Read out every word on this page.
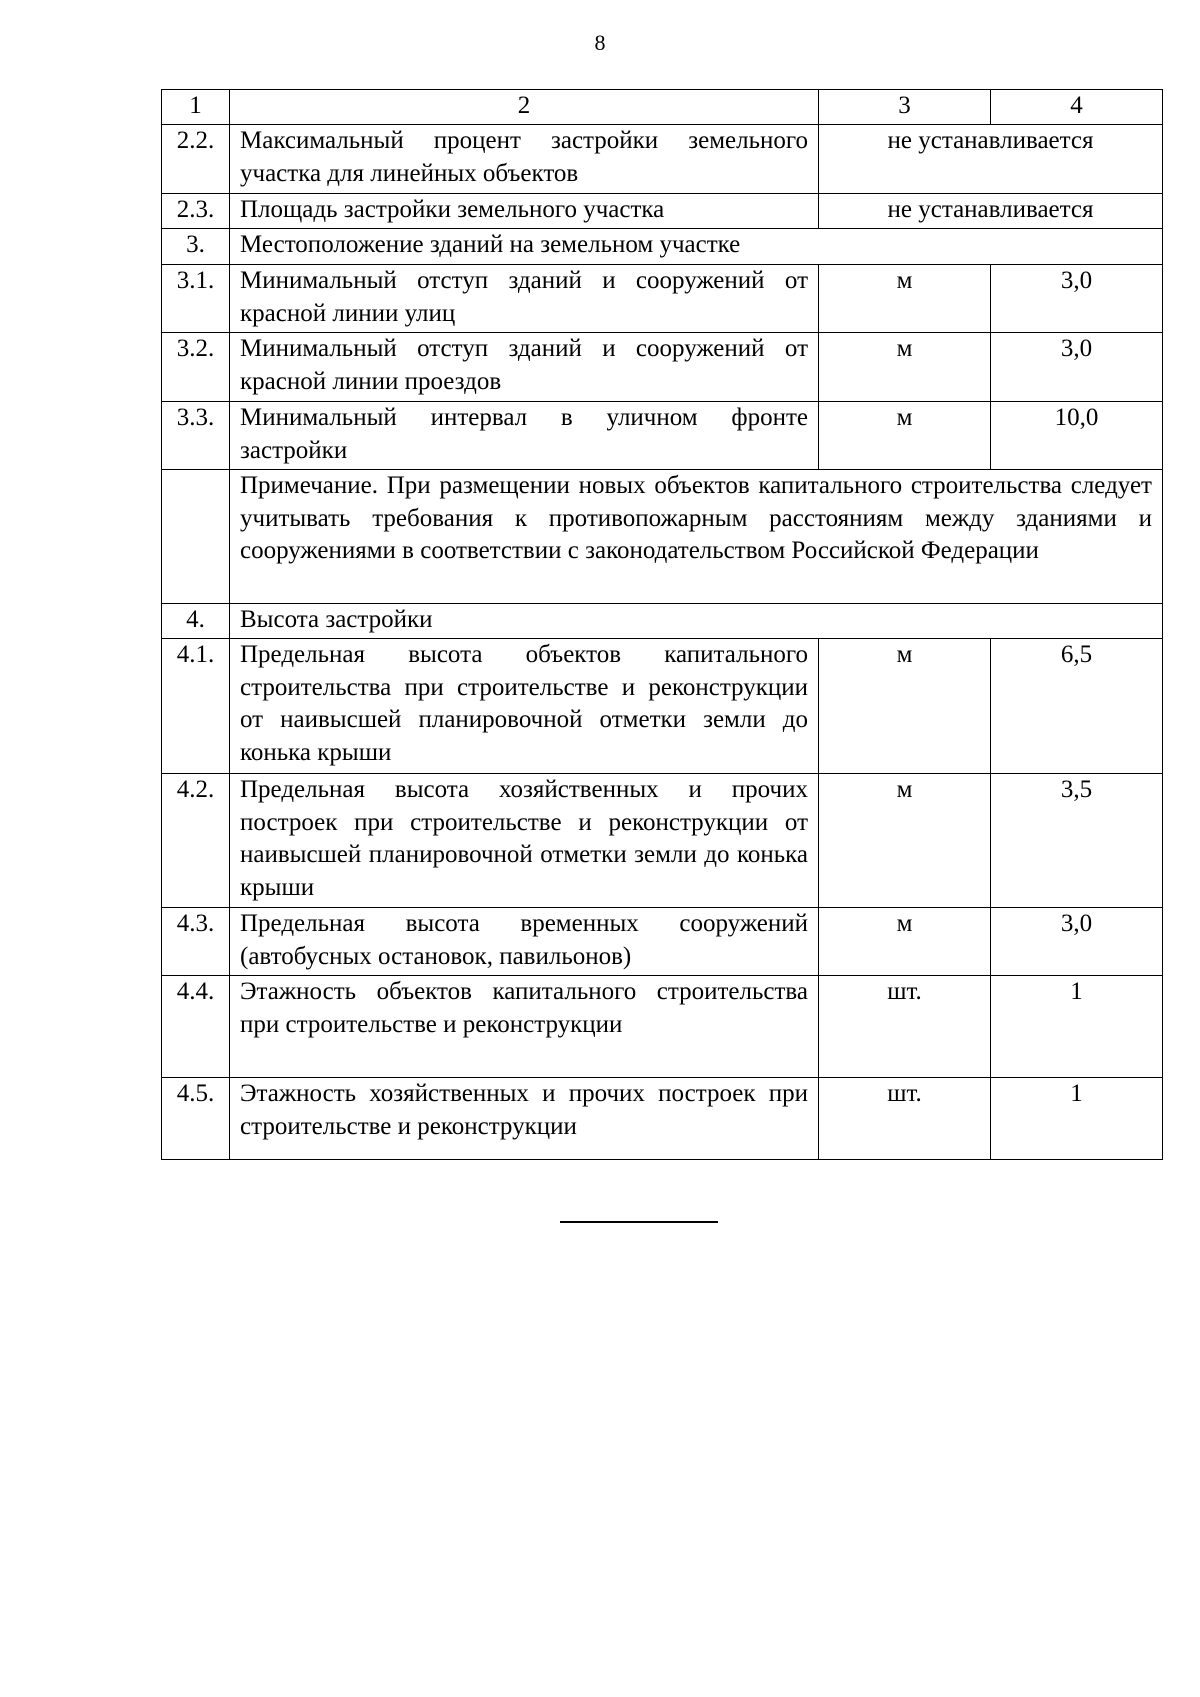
8
1	2	3	4
2.2.	Максимальный процент застройки земельного участка для линейных объектов	не устанавливается	
2.3.	Площадь застройки земельного участка	не устанавливается	
3.	Местоположение зданий на земельном участке		
3.1.	Минимальный отступ зданий и сооружений от красной линии улиц	м	3,0
3.2.	Минимальный отступ зданий и сооружений от красной линии проездов	м	3,0
3.3.	Минимальный интервал в уличном фронте застройки	м	10,0
	Примечание. При размещении новых объектов капитального строительства следует учитывать требования к противопожарным расстояниям между зданиями и сооружениями в соответствии с законодательством Российской Федерации		
4.	Высота застройки		
4.1.	Предельная высота объектов капитального строительства при строительстве и реконструкции от наивысшей планировочной отметки земли до конька крыши	м	6,5
4.2.	Предельная высота хозяйственных и прочих построек при строительстве и реконструкции от наивысшей планировочной отметки земли до конька крыши	м	3,5
4.3.	Предельная высота временных сооружений (автобусных остановок, павильонов)	м	3,0
4.4.	Этажность объектов капитального строительства при строительстве и реконструкции	шт.	1
4.5.	Этажность хозяйственных и прочих построек при строительстве и реконструкции	шт.	1
